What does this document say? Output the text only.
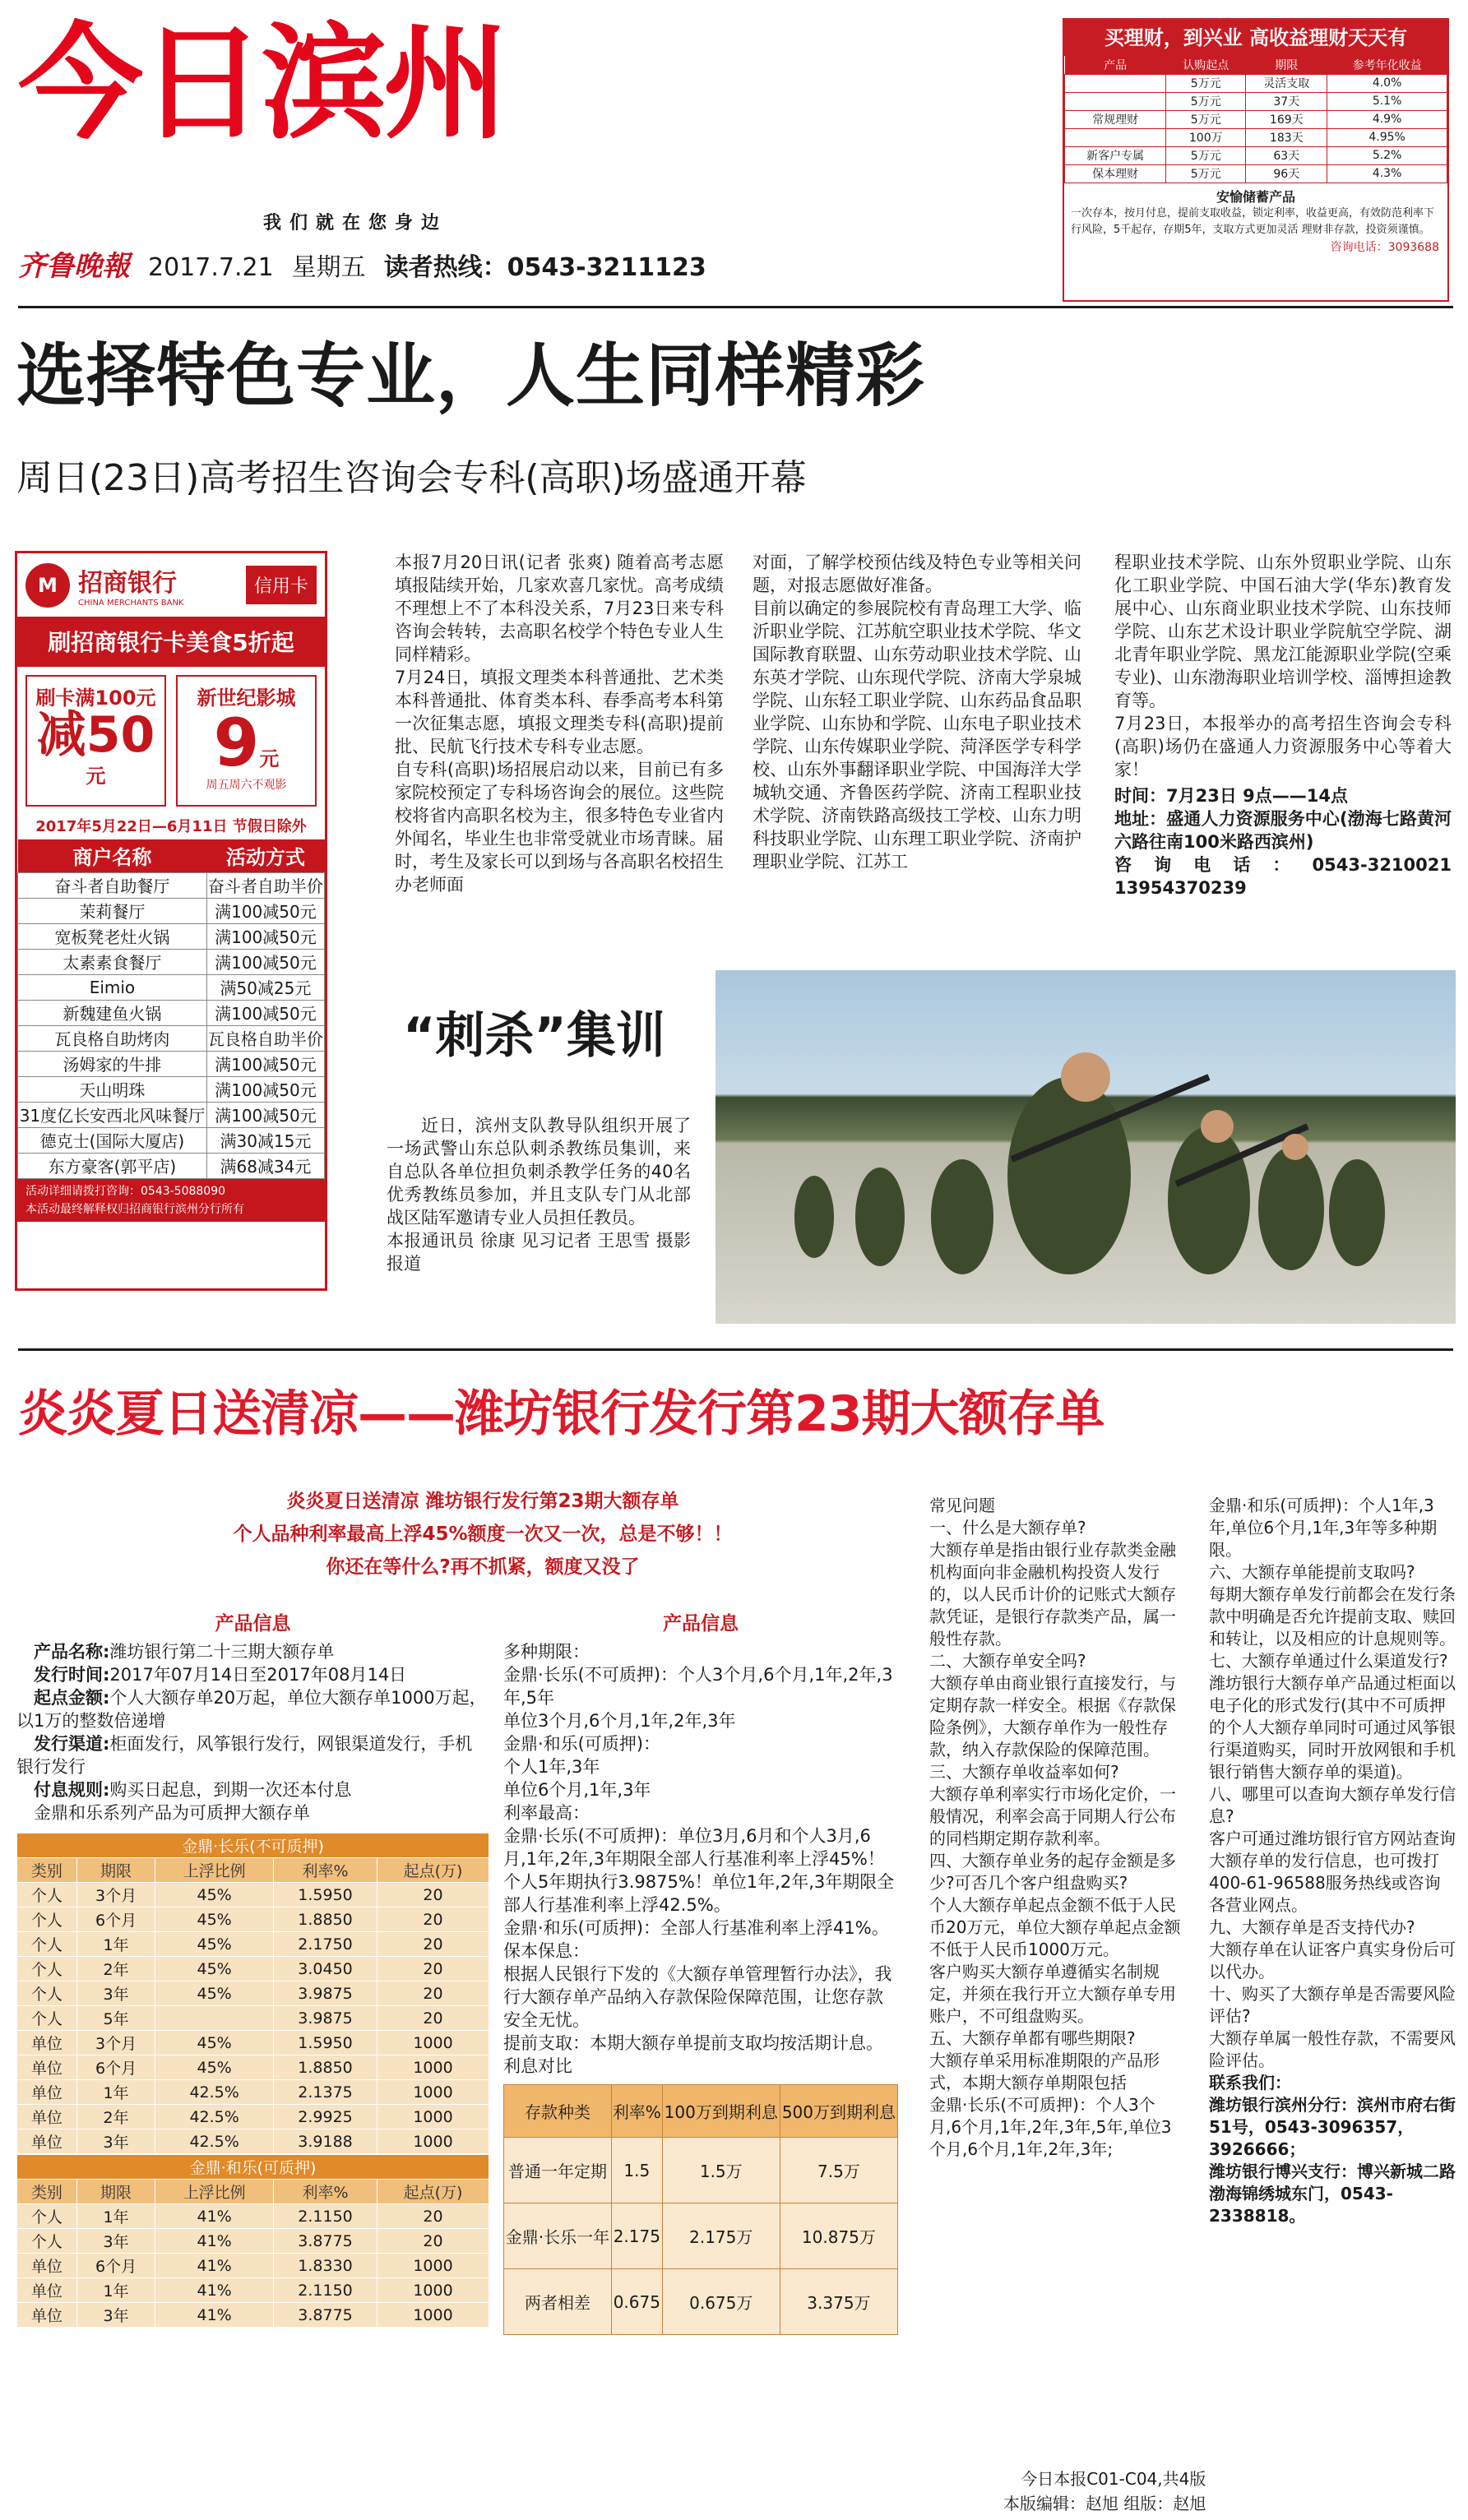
今日滨州
我们就在您身边
齐鲁晚報 2017.7.21 星期五 读者热线：0543-3211123
买理财，到兴业 高收益理财天天有
产品	认购起点	期限	参考年化收益
	5万元	灵活支取	4.0%
	5万元	37天	5.1%
常规理财	5万元	169天	4.9%
	100万	183天	4.95%
新客户专属	5万元	63天	5.2%
保本理财	5万元	96天	4.3%
安愉储蓄产品
一次存本，按月付息，提前支取收益，锁定利率，收益更高，有效防范利率下行风险，5千起存，存期5年，支取方式更加灵活 理财非存款，投资须谨慎。
咨询电话：3093688
选择特色专业，人生同样精彩
周日(23日)高考招生咨询会专科(高职)场盛通开幕
M 招商银行
CHINA MERCHANTS BANK
信用卡
刷招商银行卡美食5折起
刷卡满100元
减50元
新世纪影城
9元
周五周六不观影
2017年5月22日—6月11日 节假日除外
商户名称	活动方式
奋斗者自助餐厅	奋斗者自助半价
茉莉餐厅	满100减50元
宽板凳老灶火锅	满100减50元
太素素食餐厅	满100减50元
Eimio	满50减25元
新魏建鱼火锅	满100减50元
瓦良格自助烤肉	瓦良格自助半价
汤姆家的牛排	满100减50元
天山明珠	满100减50元
31度亿长安西北风味餐厅	满100减50元
德克士(国际大厦店)	满30减15元
东方豪客(郭平店)	满68减34元
活动详细请拨打咨询：0543-5088090
本活动最终解释权归招商银行滨州分行所有
本报7月20日讯(记者 张爽) 随着高考志愿填报陆续开始，几家欢喜几家忧。高考成绩不理想上不了本科没关系，7月23日来专科咨询会转转，去高职名校学个特色专业人生同样精彩。
7月24日，填报文理类本科普通批、艺术类本科普通批、体育类本科、春季高考本科第一次征集志愿，填报文理类专科(高职)提前批、民航飞行技术专科专业志愿。
自专科(高职)场招展启动以来，目前已有多家院校预定了专科场咨询会的展位。这些院校将省内高职名校为主，很多特色专业省内外闻名，毕业生也非常受就业市场青睐。届时，考生及家长可以到场与各高职名校招生办老师面
对面，了解学校预估线及特色专业等相关问题，对报志愿做好准备。
目前以确定的参展院校有青岛理工大学、临沂职业学院、江苏航空职业技术学院、华文国际教育联盟、山东劳动职业技术学院、山东英才学院、山东现代学院、济南大学泉城学院、山东轻工职业学院、山东药品食品职业学院、山东协和学院、山东电子职业技术学院、山东传媒职业学院、菏泽医学专科学校、山东外事翻译职业学院、中国海洋大学城轨交通、齐鲁医药学院、济南工程职业技术学院、济南铁路高级技工学校、山东力明科技职业学院、山东理工职业学院、济南护理职业学院、江苏工
程职业技术学院、山东外贸职业学院、山东化工职业学院、中国石油大学(华东)教育发展中心、山东商业职业技术学院、山东技师学院、山东艺术设计职业学院航空学院、湖北青年职业学院、黑龙江能源职业学院(空乘专业)、山东渤海职业培训学校、淄博担途教育等。
7月23日，本报举办的高考招生咨询会专科(高职)场仍在盛通人力资源服务中心等着大家！
时间：7月23日 9点——14点
地址：盛通人力资源服务中心(渤海七路黄河六路往南100米路西滨州)
咨询电话：0543-3210021 13954370239
“刺杀”集训
近日，滨州支队教导队组织开展了一场武警山东总队刺杀教练员集训，来自总队各单位担负刺杀教学任务的40名优秀教练员参加，并且支队专门从北部战区陆军邀请专业人员担任教员。
本报通讯员 徐康 见习记者 王思雪 摄影报道
炎炎夏日送清凉——潍坊银行发行第23期大额存单
炎炎夏日送清凉 潍坊银行发行第23期大额存单
个人品种利率最高上浮45%额度一次又一次，总是不够！！
你还在等什么?再不抓紧，额度又没了
产品信息
产品名称:潍坊银行第二十三期大额存单
发行时间:2017年07月14日至2017年08月14日
起点金额:个人大额存单20万起，单位大额存单1000万起，以1万的整数倍递增
发行渠道:柜面发行，风筝银行发行，网银渠道发行，手机银行发行
付息规则:购买日起息，到期一次还本付息
金鼎和乐系列产品为可质押大额存单
金鼎·长乐(不可质押)				
类别	期限	上浮比例	利率%	起点(万)
个人	3个月	45%	1.5950	20
个人	6个月	45%	1.8850	20
个人	1年	45%	2.1750	20
个人	2年	45%	3.0450	20
个人	3年	45%	3.9875	20
个人	5年		3.9875	20
单位	3个月	45%	1.5950	1000
单位	6个月	45%	1.8850	1000
单位	1年	42.5%	2.1375	1000
单位	2年	42.5%	2.9925	1000
单位	3年	42.5%	3.9188	1000
金鼎·和乐(可质押)				
类别	期限	上浮比例	利率%	起点(万)
个人	1年	41%	2.1150	20
个人	3年	41%	3.8775	20
单位	6个月	41%	1.8330	1000
单位	1年	41%	2.1150	1000
单位	3年	41%	3.8775	1000
产品信息
多种期限：
金鼎·长乐(不可质押)：个人3个月,6个月,1年,2年,3年,5年
单位3个月,6个月,1年,2年,3年
金鼎·和乐(可质押)：
个人1年,3年
单位6个月,1年,3年
利率最高：
金鼎·长乐(不可质押)：单位3月,6月和个人3月,6月,1年,2年,3年期限全部人行基准利率上浮45%！个人5年期执行3.9875%！单位1年,2年,3年期限全部人行基准利率上浮42.5%。
金鼎·和乐(可质押)：全部人行基准利率上浮41%。
保本保息：
根据人民银行下发的《大额存单管理暂行办法》，我行大额存单产品纳入存款保险保障范围，让您存款安全无忧。
提前支取：本期大额存单提前支取均按活期计息。
利息对比
存款种类	利率%	100万到期利息	500万到期利息
普通一年定期	1.5	1.5万	7.5万
金鼎·长乐一年	2.175	2.175万	10.875万
两者相差	0.675	0.675万	3.375万
常见问题
一、什么是大额存单?
大额存单是指由银行业存款类金融机构面向非金融机构投资人发行的，以人民币计价的记账式大额存款凭证，是银行存款类产品，属一般性存款。
二、大额存单安全吗?
大额存单由商业银行直接发行，与定期存款一样安全。根据《存款保险条例》，大额存单作为一般性存款，纳入存款保险的保障范围。
三、大额存单收益率如何?
大额存单利率实行市场化定价，一般情况，利率会高于同期人行公布的同档期定期存款利率。
四、大额存单业务的起存金额是多少?可否几个客户组盘购买?
个人大额存单起点金额不低于人民币20万元，单位大额存单起点金额不低于人民币1000万元。
客户购买大额存单遵循实名制规定，并须在我行开立大额存单专用账户，不可组盘购买。
五、大额存单都有哪些期限?
大额存单采用标准期限的产品形式，本期大额存单期限包括
金鼎·长乐(不可质押)：个人3个月,6个月,1年,2年,3年,5年,单位3个月,6个月,1年,2年,3年;
金鼎·和乐(可质押)：个人1年,3年,单位6个月,1年,3年等多种期限。
六、大额存单能提前支取吗?
每期大额存单发行前都会在发行条款中明确是否允许提前支取、赎回和转让，以及相应的计息规则等。
七、大额存单通过什么渠道发行?
潍坊银行大额存单产品通过柜面以电子化的形式发行(其中不可质押的个人大额存单同时可通过风筝银行渠道购买，同时开放网银和手机银行销售大额存单的渠道)。
八、哪里可以查询大额存单发行信息?
客户可通过潍坊银行官方网站查询大额存单的发行信息，也可拨打400-61-96588服务热线或咨询各营业网点。
九、大额存单是否支持代办?
大额存单在认证客户真实身份后可以代办。
十、购买了大额存单是否需要风险评估?
大额存单属一般性存款，不需要风险评估。
联系我们：
潍坊银行滨州分行：滨州市府右街51号，0543-3096357，3926666；
潍坊银行博兴支行：博兴新城二路渤海锦绣城东门，0543-2338818。
今日本报C01-C04,共4版
本版编辑：赵旭 组版：赵旭
